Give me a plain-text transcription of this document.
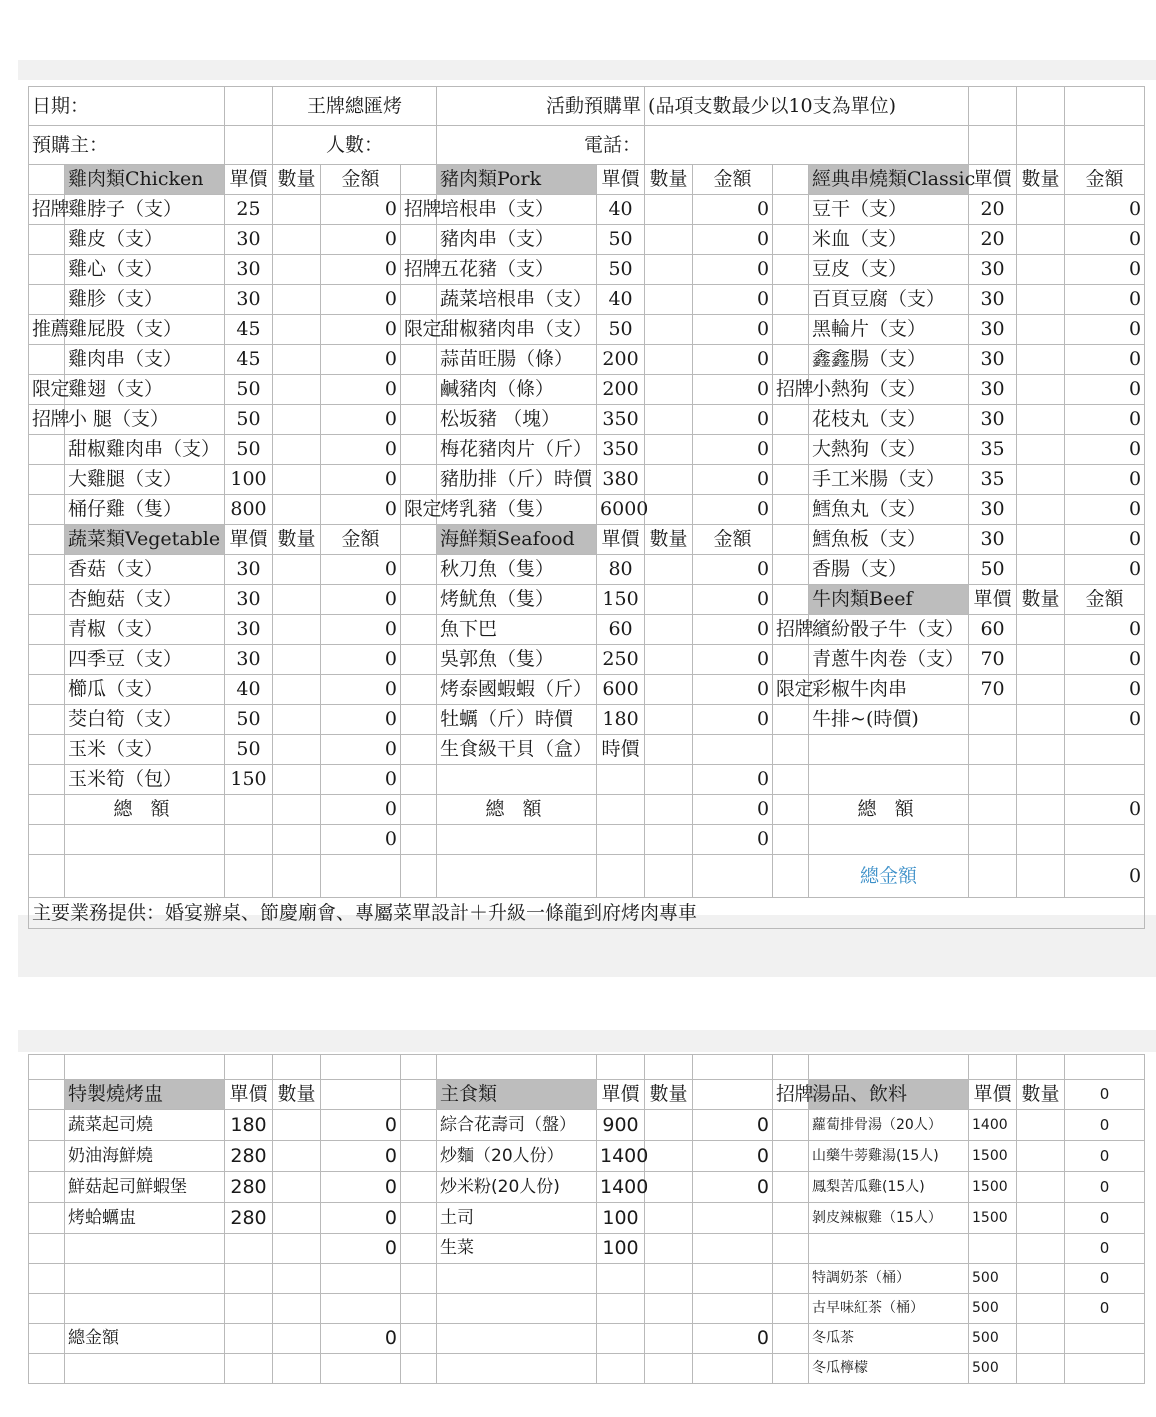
日期：			王牌總匯烤			活動預購單		(品項支數最少以10支為單位)						
預購主：			人數：			電話：								
	雞肉類Chicken	單價	數量	金額		豬肉類Pork	單價	數量	金額		經典串燒類Classic	單價	數量	金額
招牌	雞脖子（支）	25		0	招牌	培根串（支）	40		0		豆干（支）	20		0
	雞皮（支）	30		0		豬肉串（支）	50		0		米血（支）	20		0
	雞心（支）	30		0	招牌	五花豬（支）	50		0		豆皮（支）	30		0
	雞胗（支）	30		0		蔬菜培根串（支）	40		0		百頁豆腐（支）	30		0
推薦	雞屁股（支）	45		0	限定	甜椒豬肉串（支）	50		0		黑輪片（支）	30		0
	雞肉串（支）	45		0		蒜苗旺腸（條）	200		0		鑫鑫腸（支）	30		0
限定	雞翅（支）	50		0		鹹豬肉（條）	200		0	招牌	小熱狗（支）	30		0
招牌	小 腿（支）	50		0		松坂豬 （塊）	350		0		花枝丸（支）	30		0
	甜椒雞肉串（支）	50		0		梅花豬肉片（斤）	350		0		大熱狗（支）	35		0
	大雞腿（支）	100		0		豬肋排（斤）時價	380		0		手工米腸（支）	35		0
	桶仔雞（隻）	800		0	限定	烤乳豬（隻）	6000		0		鱈魚丸（支）	30		0
	蔬菜類Vegetable	單價	數量	金額		海鮮類Seafood	單價	數量	金額		鱈魚板（支）	30		0
	香菇（支）	30		0		秋刀魚（隻）	80		0		香腸（支）	50		0
	杏鮑菇（支）	30		0		烤魷魚（隻）	150		0		牛肉類Beef	單價	數量	金額
	青椒（支）	30		0		魚下巴	60		0	招牌	繽紛骰子牛（支）	60		0
	四季豆（支）	30		0		吳郭魚（隻）	250		0		青蔥牛肉卷（支）	70		0
	櫛瓜（支）	40		0		烤泰國蝦蝦（斤）	600		0	限定	彩椒牛肉串	70		0
	茭白筍（支）	50		0		牡蠣（斤）時價	180		0		牛排~(時價)			0
	玉米（支）	50		0		生食級干貝（盒）	時價							
	玉米筍（包）	150		0					0					
	總 額			0		總 額			0		總 額			0
				0					0					
											總金額			0
主要業務提供：婚宴辦桌、節慶廟會、專屬菜單設計＋升級一條龍到府烤肉專車														

	特製燒烤盅	單價	數量			主食類	單價	數量		招牌	湯品、飲料	單價	數量	0
	蔬菜起司燒	180		0		綜合花壽司（盤）	900		0		蘿蔔排骨湯（20人）	1400		0
	奶油海鮮燒	280		0		炒麵（20人份）	1400		0		山藥牛蒡雞湯(15人)	1500		0
	鮮菇起司鮮蝦堡	280		0		炒米粉(20人份)	1400		0		鳳梨苦瓜雞(15人)	1500		0
	烤蛤蠣盅	280		0		土司	100				剝皮辣椒雞（15人）	1500		0
				0		生菜	100							0
											特調奶茶（桶）	500		0
											古早味紅茶（桶）	500		0
	總金額			0					0		冬瓜茶	500		
											冬瓜檸檬	500		
